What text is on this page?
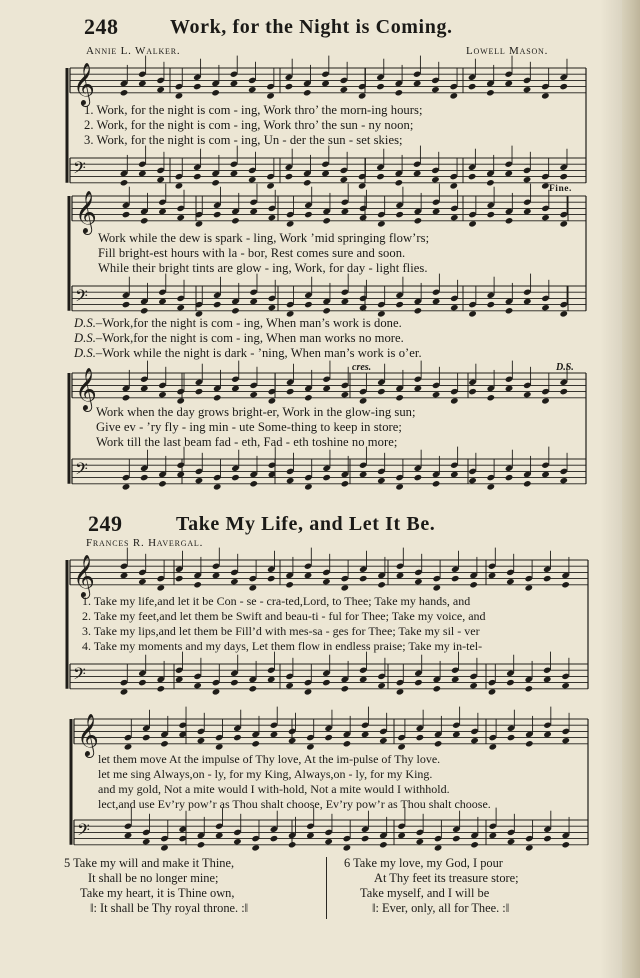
𝄞
𝄢
𝄞
𝄢
𝄞
𝄢
𝄞
𝄢
𝄞
𝄢
248	Work, for the Night is Coming.
Annie L. Walker.	Lowell Mason.
1. Work, for the night is com - ing, Work thro’ the morn-ing hours;
2. Work, for the night is com - ing, Work thro’ the sun - ny noon;
3. Work, for the night is com - ing, Un - der the sun - set skies;
Fine.
Work while the dew is spark - ling, Work ’mid springing flow’rs;
Fill bright-est hours with la - bor, Rest comes sure and soon.
While their bright tints are glow - ing, Work, for day - light flies.
D.S.–Work,for the night is com - ing, When man’s work is done.
D.S.–Work,for the night is com - ing, When man works no more.
D.S.–Work while the night is dark - ’ning, When man’s work is o’er.
cres.	D.S.
Work when the day grows bright-er, Work in the glow-ing sun;
Give ev - ’ry fly - ing min - ute Some-thing to keep in store;
Work till the last beam fad - eth, Fad - eth toshine no more;
249	Take My Life, and Let It Be.
Frances R. Havergal.
1. Take my life,and let it be Con - se - cra-ted,Lord, to Thee; Take my hands, and
2. Take my feet,and let them be Swift and beau-ti - ful for Thee; Take my voice, and
3. Take my lips,and let them be Fill’d with mes-sa - ges for Thee; Take my sil - ver
4. Take my moments and my days, Let them flow in endless praise; Take my in-tel-
let them move At the impulse of Thy love, At the im-pulse of Thy love.
let me sing Always,on - ly, for my King, Always,on - ly, for my King.
and my gold, Not a mite would I with-hold, Not a mite would I withhold.
lect,and use Ev’ry pow’r as Thou shalt choose, Ev’ry pow’r as Thou shalt choose.
5 Take my will and make it Thine,
It shall be no longer mine;
Take my heart, it is Thine own,
‖: It shall be Thy royal throne. :‖
6 Take my love, my God, I pour
At Thy feet its treasure store;
Take myself, and I will be
‖: Ever, only, all for Thee. :‖
